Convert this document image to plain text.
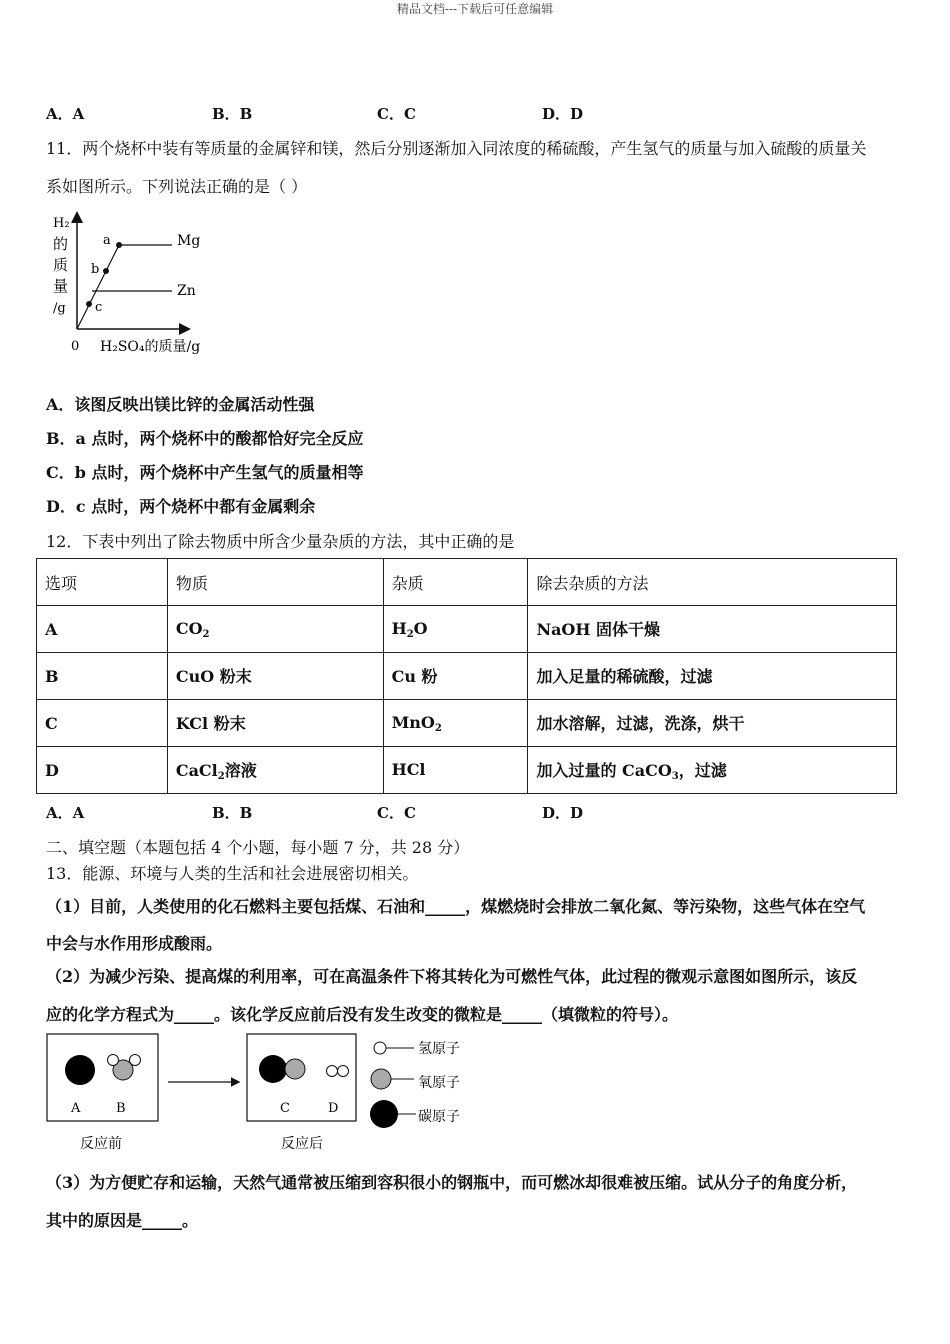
精品文档---下载后可任意编辑
A．A	B．B	C．C	D．D
11．两个烧杯中装有等质量的金属锌和镁，然后分别逐渐加入同浓度的稀硫酸，产生氢气的质量与加入硫酸的质量关
系如图所示。下列说法正确的是（ ）
H₂
的
质
量
/g
0 H₂SO₄的质量/g
a
b
c
Mg
Zn
A．该图反映出镁比锌的金属活动性强
B．a 点时，两个烧杯中的酸都恰好完全反应
C．b 点时，两个烧杯中产生氢气的质量相等
D．c 点时，两个烧杯中都有金属剩余
12．下表中列出了除去物质中所含少量杂质的方法，其中正确的是
选项	物质	杂质	除去杂质的方法
A	$CO_2$	$H_2O$	NaOH 固体干燥
B	CuO 粉末	Cu 粉	加入足量的稀硫酸，过滤
C	KCl 粉末	MnO$_2$	加水溶解，过滤，洗涤，烘干
D	CaCl$_2$溶液	HCl	加入过量的 CaCO$_3$，过滤
A．A	B．B	C．C	D．D
二、填空题（本题包括 4 个小题，每小题 7 分，共 28 分）
13．能源、环境与人类的生活和社会进展密切相关。
（1）目前，人类使用的化石燃料主要包括煤、石油和_____，煤燃烧时会排放二氧化氮、等污染物，这些气体在空气
中会与水作用形成酸雨。
（2）为减少污染、提高煤的利用率，可在高温条件下将其转化为可燃性气体，此过程的微观示意图如图所示，该反
应的化学方程式为_____。该化学反应前后没有发生改变的微粒是_____（填微粒的符号）。
A	B
反应前
C	D
反应后
氢原子
氧原子
碳原子
（3）为方便贮存和运输，天然气通常被压缩到容积很小的钢瓶中，而可燃冰却很难被压缩。试从分子的角度分析，
其中的原因是_____。
